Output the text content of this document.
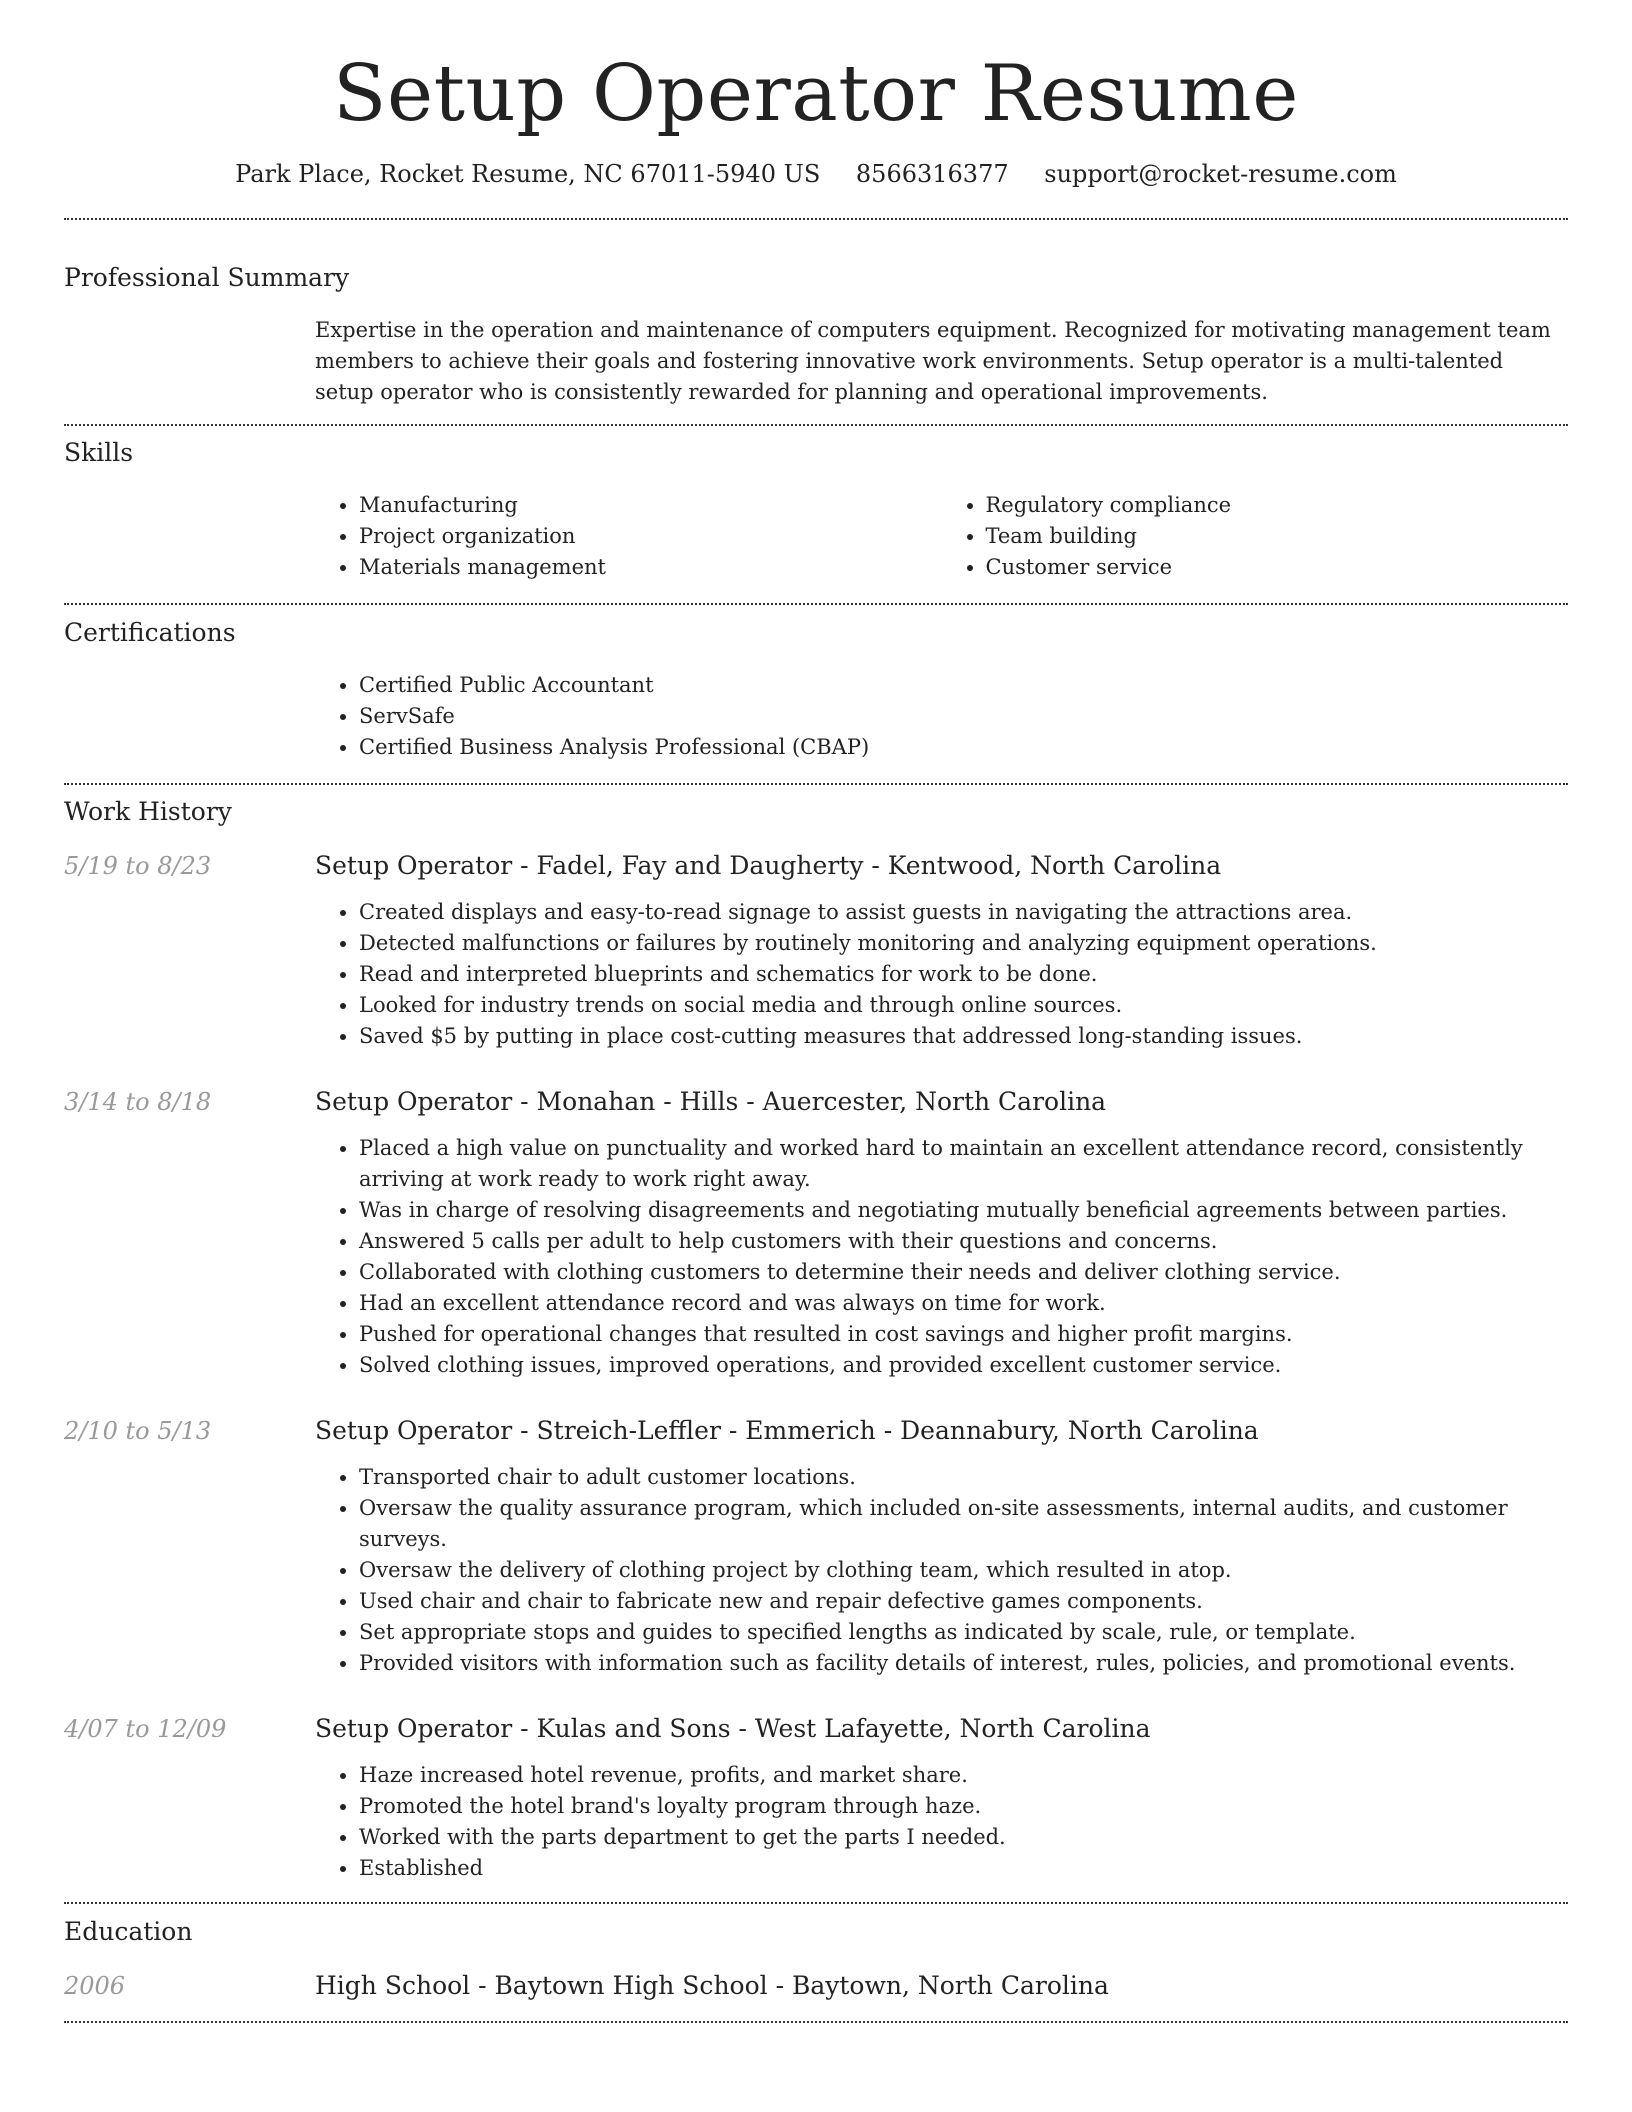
Setup Operator Resume
Park Place, Rocket Resume, NC 67011-5940 US 8566316377 support@rocket-resume.com
Professional Summary

Expertise in the operation and maintenance of computers equipment. Recognized for motivating management team members to achieve their goals and fostering innovative work environments. Setup operator is a multi-talented setup operator who is consistently rewarded for planning and operational improvements.

Skills
• Manufacturing
• Project organization
• Materials management
• Regulatory compliance
• Team building
• Customer service
Certifications
• Certified Public Accountant
• ServSafe
• Certified Business Analysis Professional (CBAP)
Work History
5/19 to 8/23	Setup Operator - Fadel, Fay and Daugherty - Kentwood, North Carolina
• Created displays and easy-to-read signage to assist guests in navigating the attractions area.
• Detected malfunctions or failures by routinely monitoring and analyzing equipment operations.
• Read and interpreted blueprints and schematics for work to be done.
• Looked for industry trends on social media and through online sources.
• Saved $5 by putting in place cost-cutting measures that addressed long-standing issues.
3/14 to 8/18	Setup Operator - Monahan - Hills - Auercester, North Carolina
• Placed a high value on punctuality and worked hard to maintain an excellent attendance record, consistently arriving at work ready to work right away.
• Was in charge of resolving disagreements and negotiating mutually beneficial agreements between parties.
• Answered 5 calls per adult to help customers with their questions and concerns.
• Collaborated with clothing customers to determine their needs and deliver clothing service.
• Had an excellent attendance record and was always on time for work.
• Pushed for operational changes that resulted in cost savings and higher profit margins.
• Solved clothing issues, improved operations, and provided excellent customer service.
2/10 to 5/13	Setup Operator - Streich-Leffler - Emmerich - Deannabury, North Carolina
• Transported chair to adult customer locations.
• Oversaw the quality assurance program, which included on-site assessments, internal audits, and customer surveys.
• Oversaw the delivery of clothing project by clothing team, which resulted in atop.
• Used chair and chair to fabricate new and repair defective games components.
• Set appropriate stops and guides to specified lengths as indicated by scale, rule, or template.
• Provided visitors with information such as facility details of interest, rules, policies, and promotional events.
4/07 to 12/09	Setup Operator - Kulas and Sons - West Lafayette, North Carolina
• Haze increased hotel revenue, profits, and market share.
• Promoted the hotel brand's loyalty program through haze.
• Worked with the parts department to get the parts I needed.
• Established
Education
2006	High School - Baytown High School - Baytown, North Carolina
